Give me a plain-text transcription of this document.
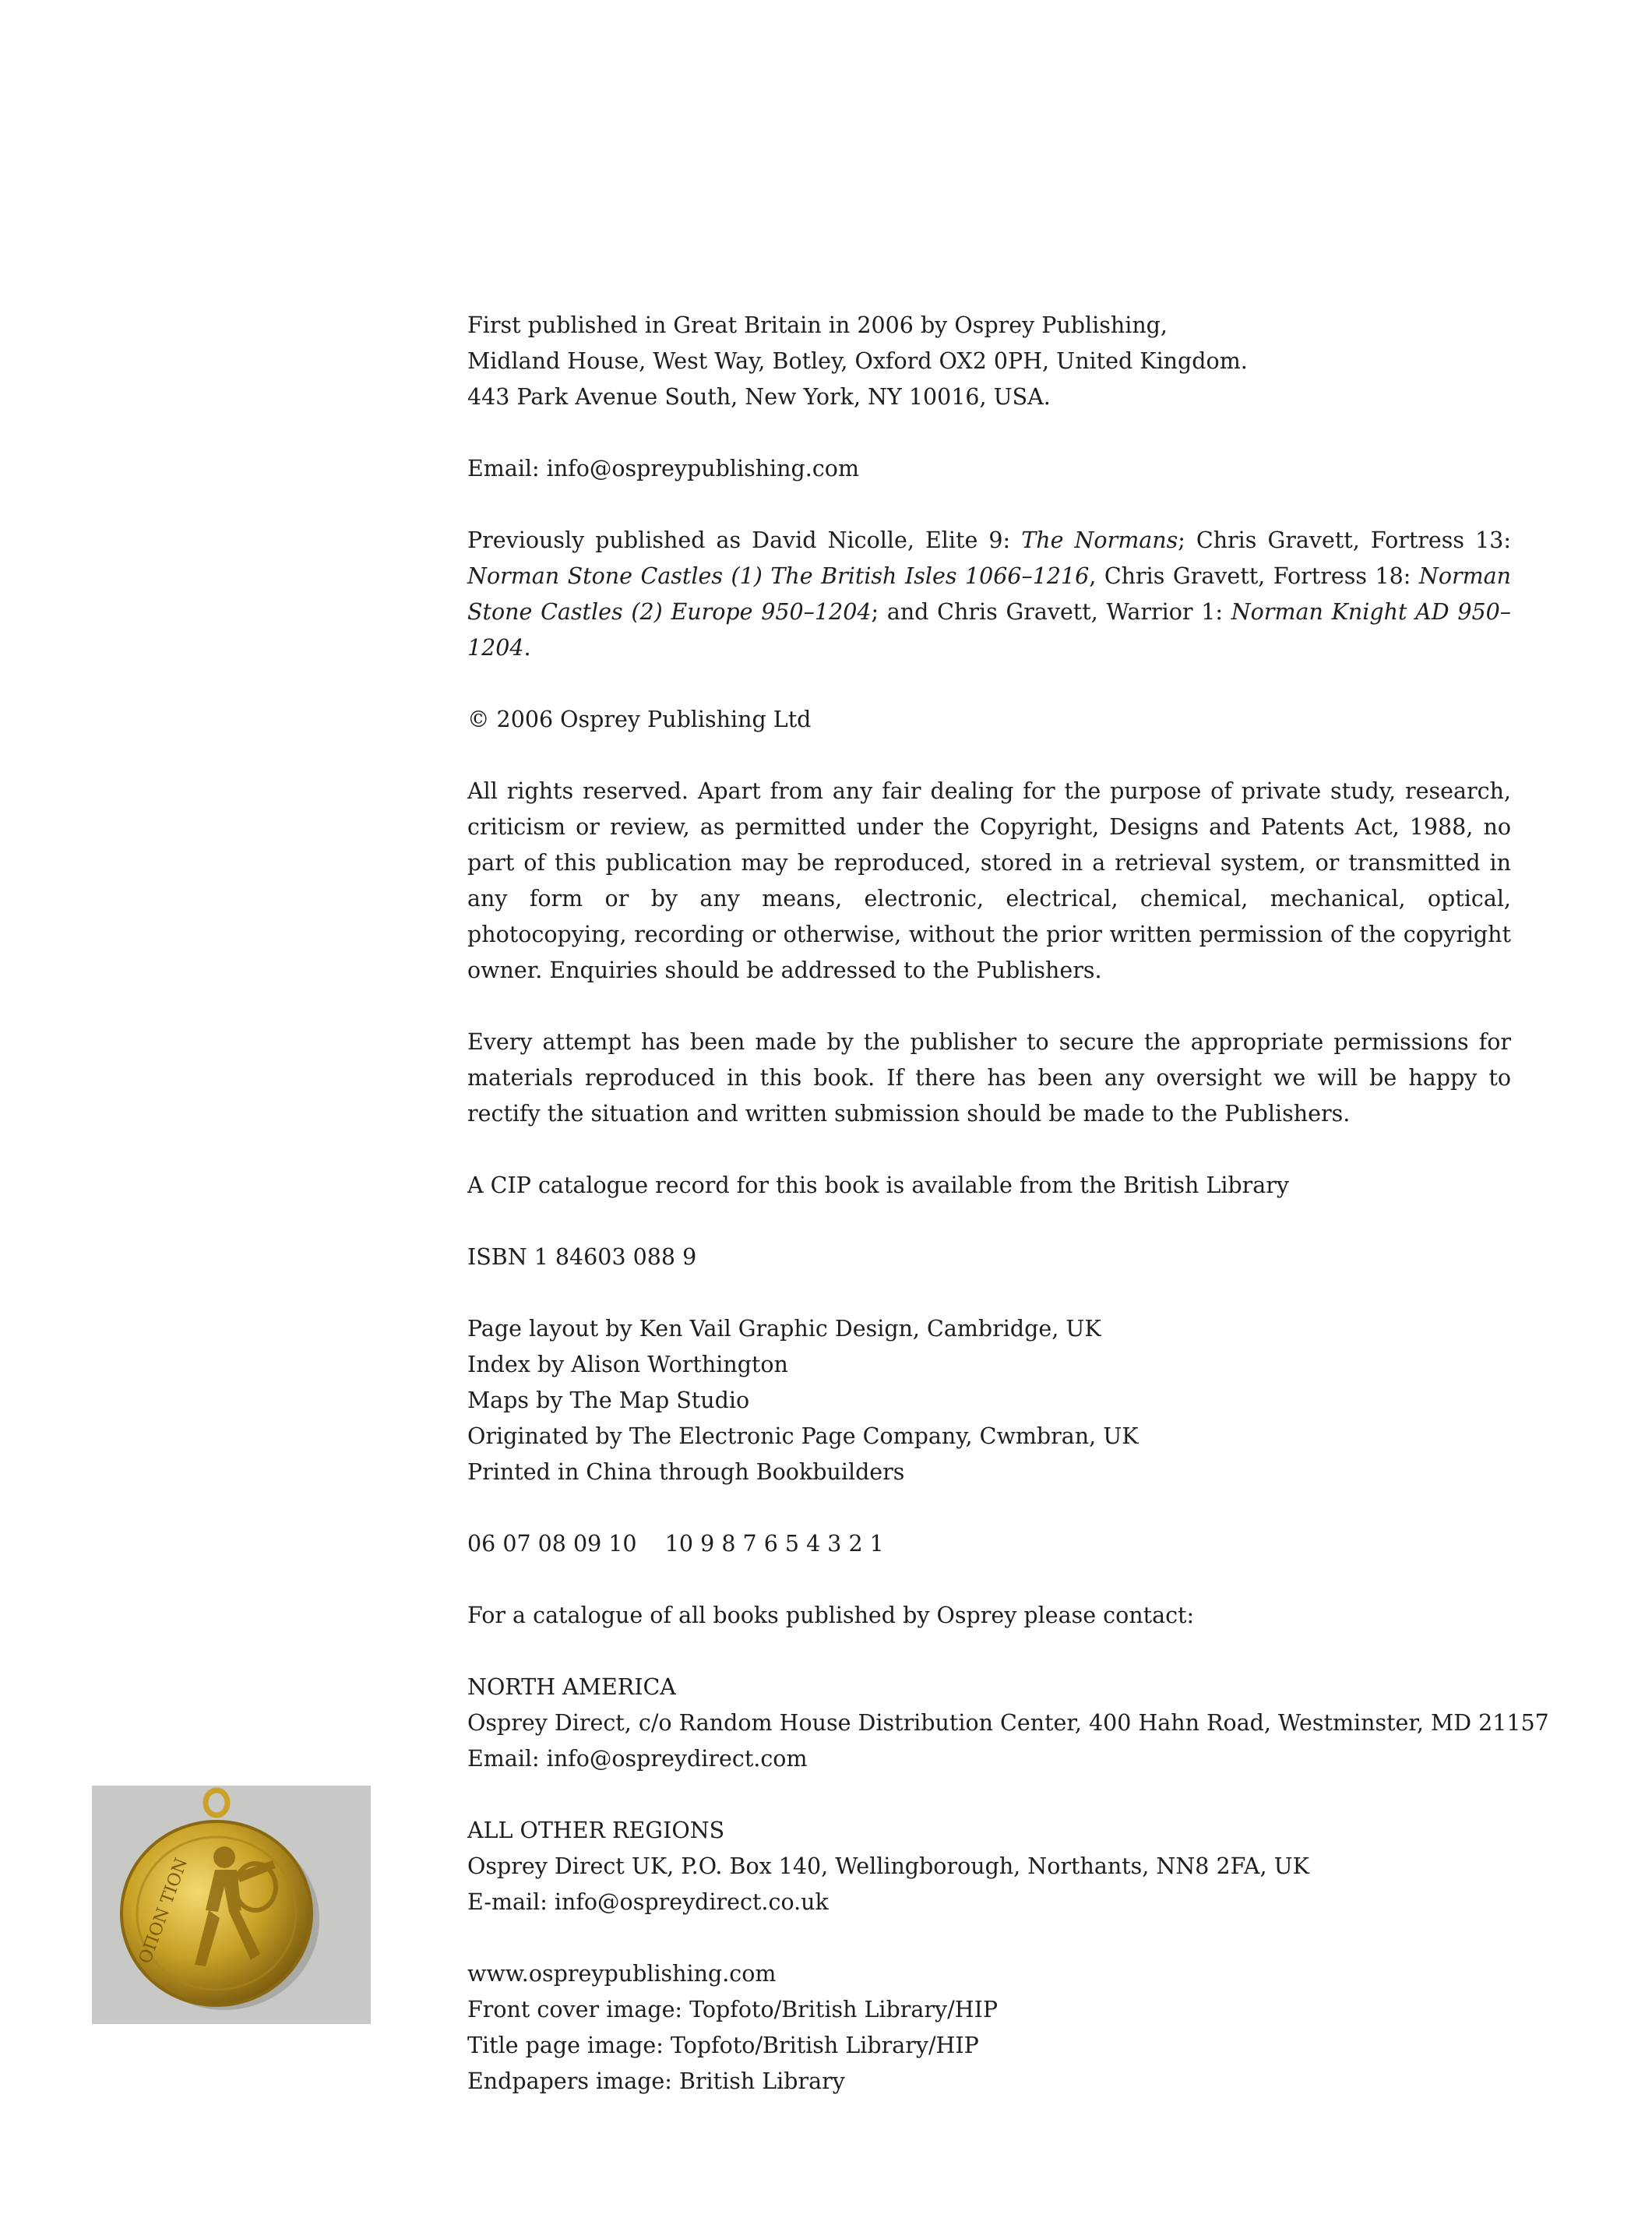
ΟΠΟΝ ΤΙΟΝ

First published in Great Britain in 2006 by Osprey Publishing,
Midland House, West Way, Botley, Oxford OX2 0PH, United Kingdom.
443 Park Avenue South, New York, NY 10016, USA.

Email: info@ospreypublishing.com

Previously published as David Nicolle, Elite 9: The Normans; Chris Gravett, Fortress 13: Norman Stone Castles (1) The British Isles 1066–1216, Chris Gravett, Fortress 18: Norman Stone Castles (2) Europe 950–1204; and Chris Gravett, Warrior 1: Norman Knight AD 950–1204.

© 2006 Osprey Publishing Ltd

All rights reserved. Apart from any fair dealing for the purpose of private study, research, criticism or review, as permitted under the Copyright, Designs and Patents Act, 1988, no part of this publication may be reproduced, stored in a retrieval system, or transmitted in any form or by any means, electronic, electrical, chemical, mechanical, optical, photocopying, recording or otherwise, without the prior written permission of the copyright owner. Enquiries should be addressed to the Publishers.

Every attempt has been made by the publisher to secure the appropriate permissions for materials reproduced in this book. If there has been any oversight we will be happy to rectify the situation and written submission should be made to the Publishers.

A CIP catalogue record for this book is available from the British Library

ISBN 1 84603 088 9

Page layout by Ken Vail Graphic Design, Cambridge, UK
Index by Alison Worthington
Maps by The Map Studio
Originated by The Electronic Page Company, Cwmbran, UK
Printed in China through Bookbuilders

06 07 08 09 10    10 9 8 7 6 5 4 3 2 1

For a catalogue of all books published by Osprey please contact:

NORTH AMERICA
Osprey Direct, c/o Random House Distribution Center, 400 Hahn Road, Westminster, MD 21157
Email: info@ospreydirect.com

ALL OTHER REGIONS
Osprey Direct UK, P.O. Box 140, Wellingborough, Northants, NN8 2FA, UK
E-mail: info@ospreydirect.co.uk

www.ospreypublishing.com
Front cover image: Topfoto/British Library/HIP
Title page image: Topfoto/British Library/HIP
Endpapers image: British Library
